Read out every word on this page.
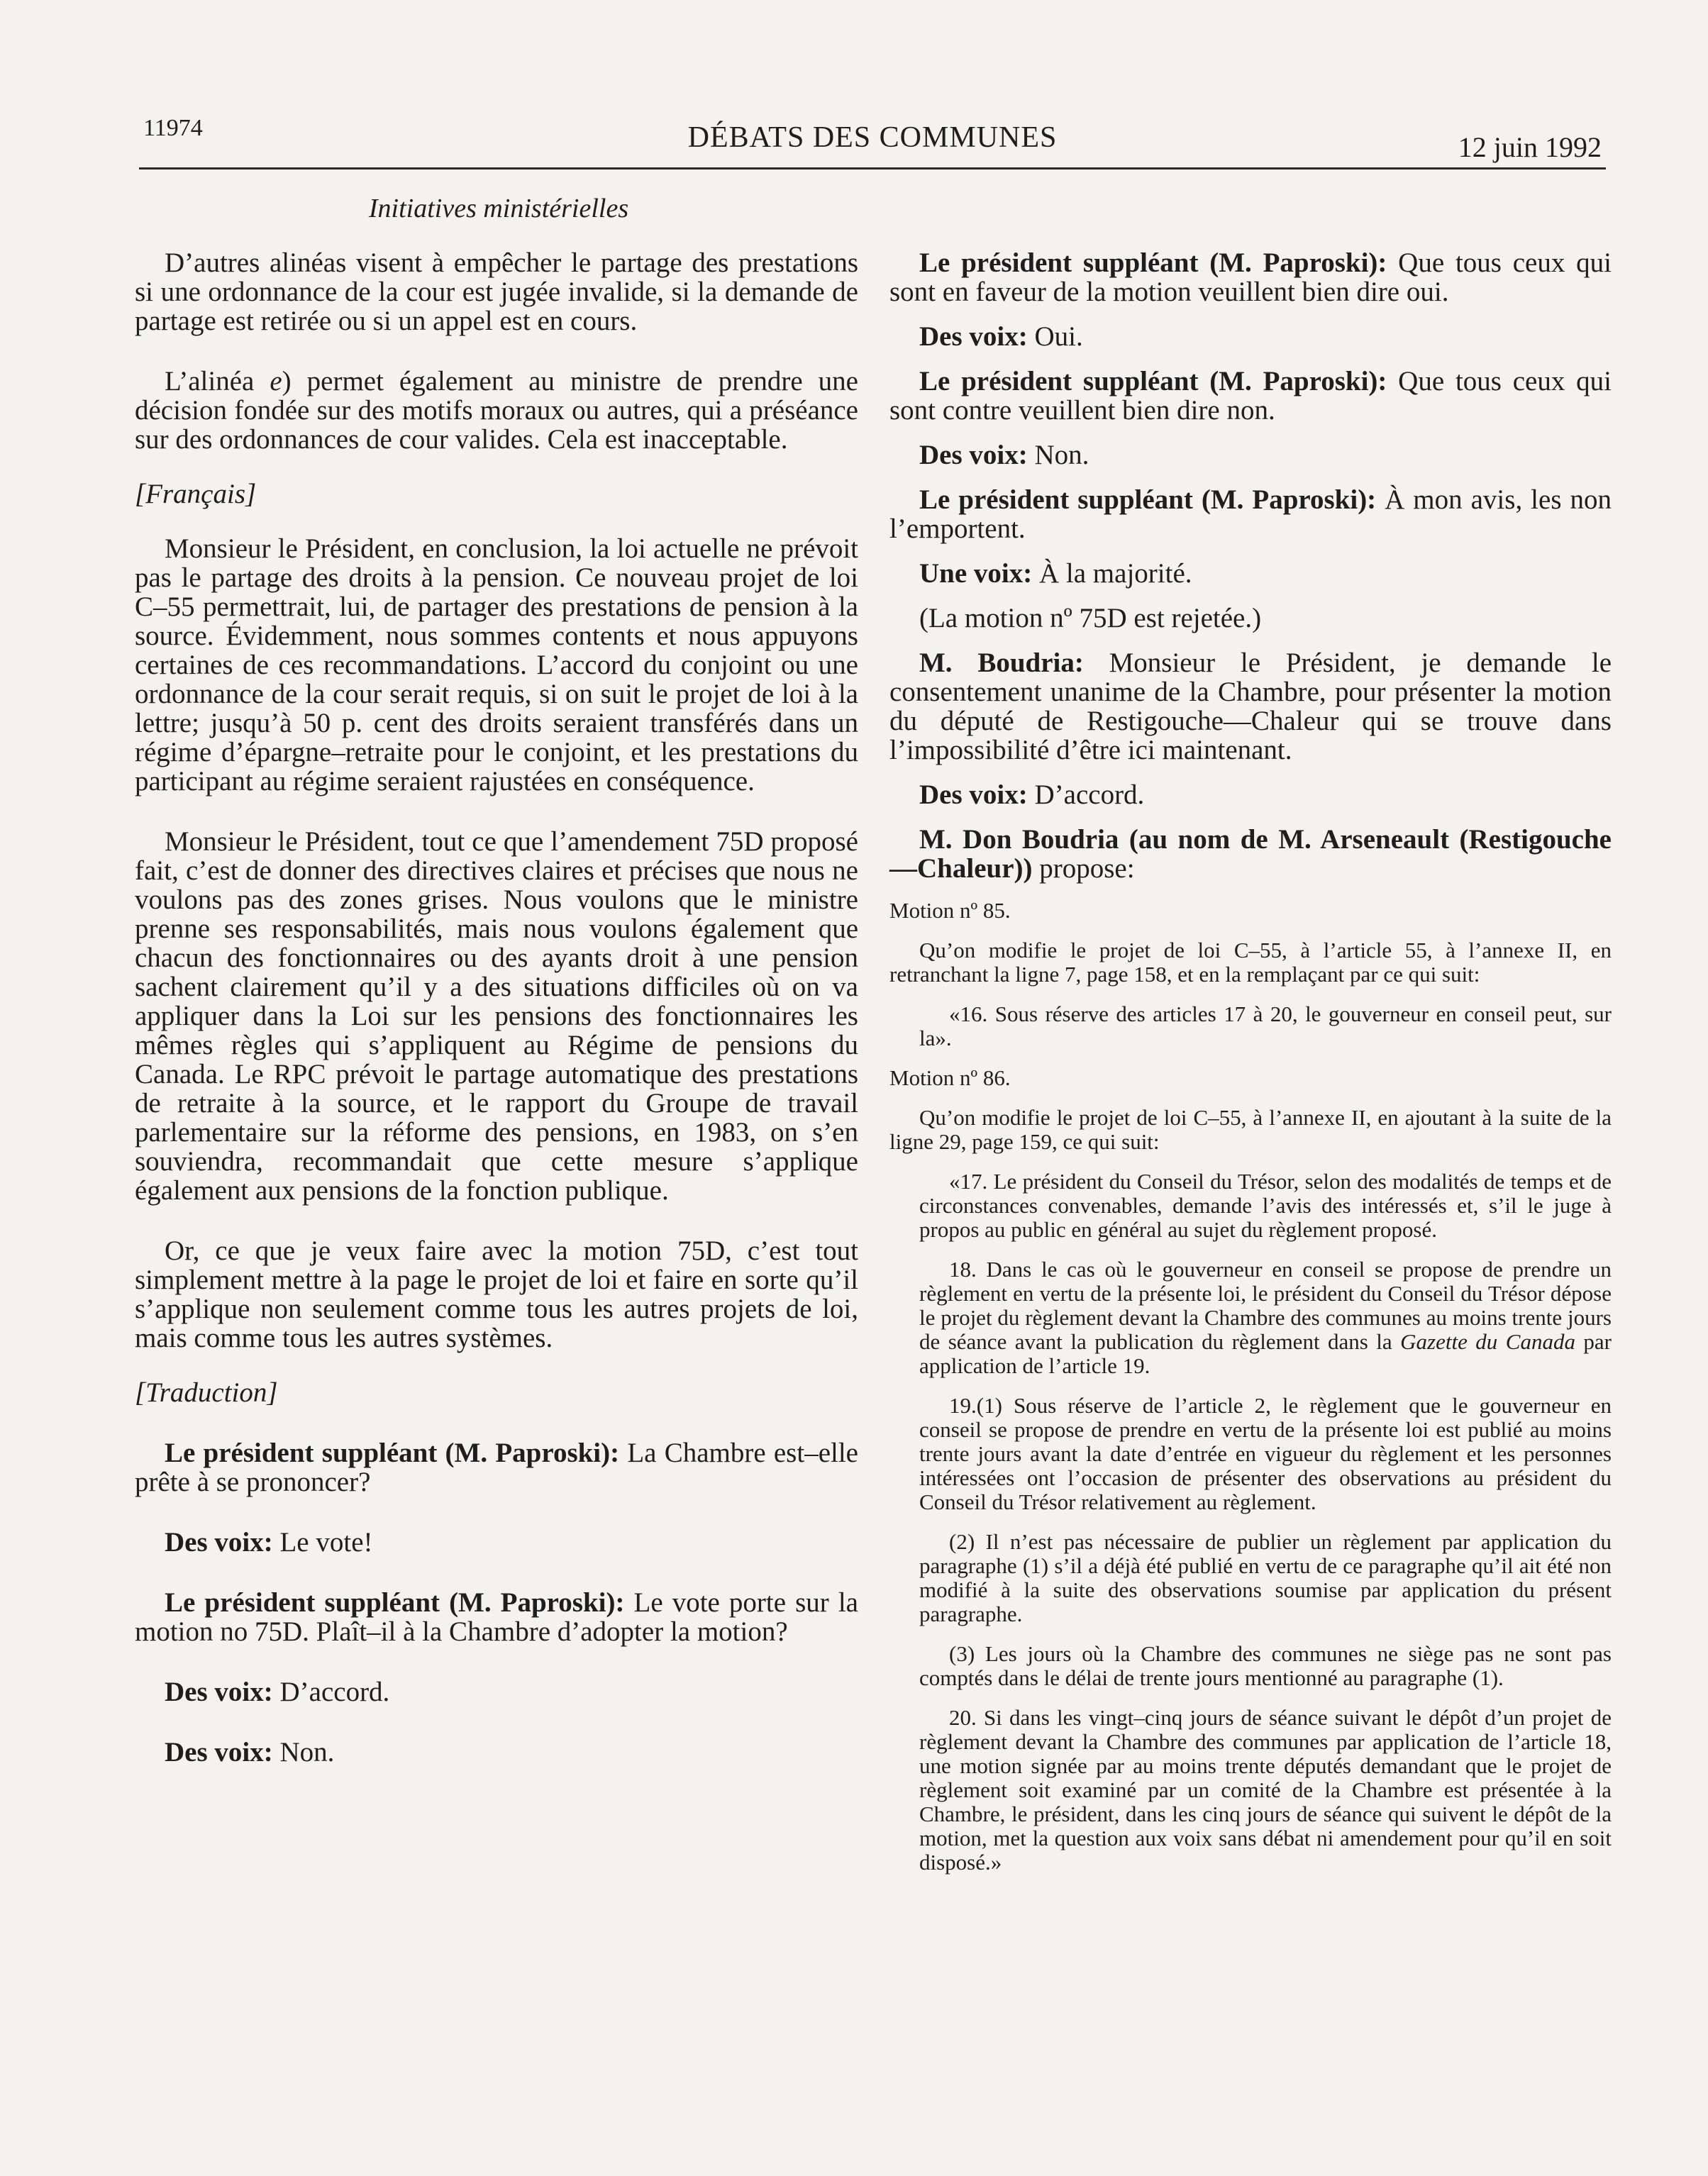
11974	DÉBATS DES COMMUNES	12 juin 1992
Initiatives ministérielles

D’autres alinéas visent à empêcher le partage des prestations si une ordonnance de la cour est jugée invalide, si la demande de partage est retirée ou si un appel est en cours.

L’alinéa e) permet également au ministre de prendre une décision fondée sur des motifs moraux ou autres, qui a préséance sur des ordonnances de cour valides. Cela est inacceptable.

[Français]

Monsieur le Président, en conclusion, la loi actuelle ne prévoit pas le partage des droits à la pension. Ce nouveau projet de loi C–55 permettrait, lui, de partager des prestations de pension à la source. Évidemment, nous sommes contents et nous appuyons certaines de ces recommandations. L’accord du conjoint ou une ordonnance de la cour serait requis, si on suit le projet de loi à la lettre; jusqu’à 50 p. cent des droits seraient transférés dans un régime d’épargne–retraite pour le conjoint, et les prestations du participant au régime seraient rajustées en conséquence.

Monsieur le Président, tout ce que l’amendement 75D proposé fait, c’est de donner des directives claires et précises que nous ne voulons pas des zones grises. Nous voulons que le ministre prenne ses responsabilités, mais nous voulons également que chacun des fonctionnaires ou des ayants droit à une pension sachent clairement qu’il y a des situations difficiles où on va appliquer dans la Loi sur les pensions des fonctionnaires les mêmes règles qui s’appliquent au Régime de pensions du Canada. Le RPC prévoit le partage automatique des prestations de retraite à la source, et le rapport du Groupe de travail parlementaire sur la réforme des pensions, en 1983, on s’en souviendra, recommandait que cette mesure s’applique également aux pensions de la fonction publique.

Or, ce que je veux faire avec la motion 75D, c’est tout simplement mettre à la page le projet de loi et faire en sorte qu’il s’applique non seulement comme tous les autres projets de loi, mais comme tous les autres systèmes.

[Traduction]

Le président suppléant (M. Paproski): La Chambre est–elle prête à se prononcer?

Des voix: Le vote!

Le président suppléant (M. Paproski): Le vote porte sur la motion no 75D. Plaît–il à la Chambre d’adopter la motion?

Des voix: D’accord.

Des voix: Non.

Le président suppléant (M. Paproski): Que tous ceux qui sont en faveur de la motion veuillent bien dire oui.

Des voix: Oui.

Le président suppléant (M. Paproski): Que tous ceux qui sont contre veuillent bien dire non.

Des voix: Non.

Le président suppléant (M. Paproski): À mon avis, les non l’emportent.

Une voix: À la majorité.

(La motion nº 75D est rejetée.)

M. Boudria: Monsieur le Président, je demande le consentement unanime de la Chambre, pour présenter la motion du député de Restigouche—Chaleur qui se trouve dans l’impossibilité d’être ici maintenant.

Des voix: D’accord.

M. Don Boudria (au nom de M. Arseneault (Restigouche—Chaleur)) propose:

Motion nº 85.

Qu’on modifie le projet de loi C–55, à l’article 55, à l’annexe II, en retranchant la ligne 7, page 158, et en la remplaçant par ce qui suit:

«16. Sous réserve des articles 17 à 20, le gouverneur en conseil peut, sur la».

Motion nº 86.

Qu’on modifie le projet de loi C–55, à l’annexe II, en ajoutant à la suite de la ligne 29, page 159, ce qui suit:

«17. Le président du Conseil du Trésor, selon des modalités de temps et de circonstances convenables, demande l’avis des intéressés et, s’il le juge à propos au public en général au sujet du règlement proposé.

18. Dans le cas où le gouverneur en conseil se propose de prendre un règlement en vertu de la présente loi, le président du Conseil du Trésor dépose le projet du règlement devant la Chambre des communes au moins trente jours de séance avant la publication du règlement dans la Gazette du Canada par application de l’article 19.

19.(1) Sous réserve de l’article 2, le règlement que le gouverneur en conseil se propose de prendre en vertu de la présente loi est publié au moins trente jours avant la date d’entrée en vigueur du règlement et les personnes intéressées ont l’occasion de présenter des observations au président du Conseil du Trésor relativement au règlement.

(2) Il n’est pas nécessaire de publier un règlement par application du paragraphe (1) s’il a déjà été publié en vertu de ce paragraphe qu’il ait été non modifié à la suite des observations soumise par application du présent paragraphe.

(3) Les jours où la Chambre des communes ne siège pas ne sont pas comptés dans le délai de trente jours mentionné au paragraphe (1).

20. Si dans les vingt–cinq jours de séance suivant le dépôt d’un projet de règlement devant la Chambre des communes par application de l’article 18, une motion signée par au moins trente députés demandant que le projet de règlement soit examiné par un comité de la Chambre est présentée à la Chambre, le président, dans les cinq jours de séance qui suivent le dépôt de la motion, met la question aux voix sans débat ni amendement pour qu’il en soit disposé.»
